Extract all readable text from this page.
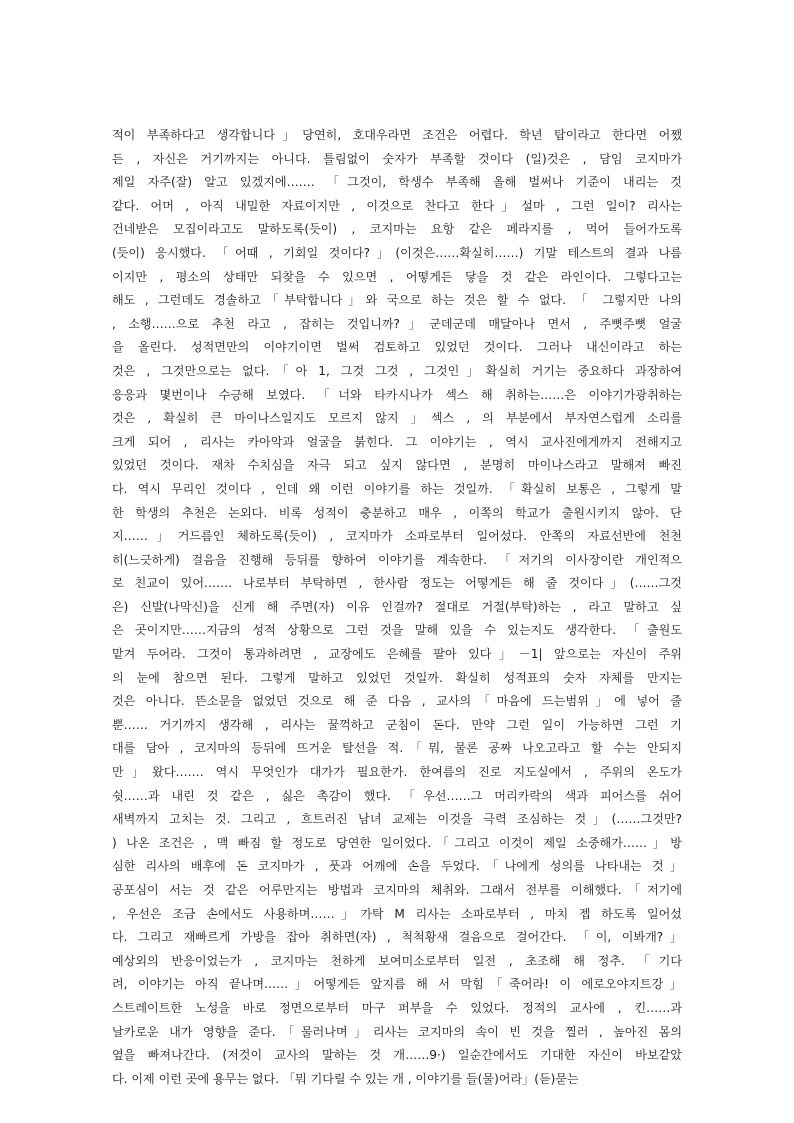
적이 부족하다고 생각합니다」당연히, 호대우라면 조건은 어렵다. 학년 탑이라고 한다면 어쨌
든 , 자신은 거기까지는 아니다. 틀림없이 숫자가 부족할 것이다 (일)것은 , 담임 코지마가
제일 자주(잘) 알고 있겠지에……. 「그것이, 학생수 부족해 올해 벌써나 기준이 내리는 것
같다. 어머 , 아직 내밀한 자료이지만 , 이것으로 찬다고 한다」설마 , 그런 일이? 리사는
건네받은 모집이라고도 말하도록(듯이) , 코지마는 요항 같은 페라지를 , 먹어 들어가도록
(듯이) 응시했다. 「어때 , 기회일 것이다?」(이것은……확실히……) 기말 테스트의 결과 나름
이지만 , 평소의 상태만 되찾을 수 있으면 , 어떻게든 닿을 것 같은 라인이다. 그렇다고는
해도 , 그런데도 경솔하고「부탁합니다」와 국으로 하는 것은 할 수 없다. 「 그렇지만 나의
, 소행……으로 추천 라고 , 잡히는 것입니까?」군데군데 매달아나 면서 , 주뼛주뼛 얼굴
을 올린다. 성적면만의 이야기이면 벌써 검토하고 있었던 것이다. 그러나 내신이라고 하는
것은 , 그것만으로는 없다.「아 1, 그것 그것 , 그것인」확실히 거기는 중요하다 과장하여
응응과 몇번이나 수긍해 보였다. 「너와 타카시나가 섹스 해 취하는……은 이야기가광취하는
것은 , 확실히 큰 마이나스일지도 모르지 않지 」섹스 , 의 부분에서 부자연스럽게 소리를
크게 되어 , 리사는 카아악과 얼굴을 붉힌다. 그 이야기는 , 역시 교사진에게까지 전해지고
있었던 것이다. 재차 수치심을 자극 되고 싶지 않다면 , 분명히 마이나스라고 말해져 빠진
다. 역시 무리인 것이다 , 인데 왜 이런 이야기를 하는 것일까. 「확실히 보통은 , 그렇게 말
한 학생의 추천은 논외다. 비록 성적이 충분하고 매우 , 이쪽의 학교가 출원시키지 않아. 단
지……」거드름인 체하도록(듯이) , 코지마가 소파로부터 일어섰다. 안쪽의 자료선반에 천천
히(느긋하게) 걸음을 진행해 등뒤를 향하여 이야기를 계속한다. 「저기의 이사장이란 개인적으
로 친교이 있어……. 나로부터 부탁하면 , 한사람 정도는 어떻게든 해 줄 것이다」(……그것
은) 신발(나막신)을 신게 해 주면(자) 이유 인걸까? 절대로 거절(부탁)하는 , 라고 말하고 싶
은 곳이지만……지금의 성적 상황으로 그런 것을 말해 있을 수 있는지도 생각한다. 「출원도
맡겨 두어라. 그것이 통과하려면 , 교장에도 은혜를 팔아 있다」－1| 앞으로는 자신이 주위
의 눈에 참으면 된다. 그렇게 말하고 있었던 것일까. 확실히 성적표의 숫자 자체를 만지는
것은 아니다. 뜬소문을 없었던 것으로 해 준 다음 , 교사의「마음에 드는범위」에 넣어 줄
뿐…… 거기까지 생각해 , 리사는 꿀꺽하고 군침이 돈다. 만약 그런 일이 가능하면 그런 기
대를 담아 , 코지마의 등뒤에 뜨거운 탈선을 적.「뭐, 물론 공짜 나오고라고 할 수는 안되지
만」왔다……. 역시 무엇인가 대가가 필요한가. 한여름의 진로 지도실에서 , 주위의 온도가
쉿……과 내린 것 같은 , 싫은 촉감이 했다. 「우선……그 머리카락의 색과 피어스를 쉬어
새벽까지 고치는 것. 그리고 , 흐트러진 남녀 교제는 이것을 극력 조심하는 것」(……그것만?
) 나온 조건은 , 맥 빠짐 할 정도로 당연한 일이었다.「그리고 이것이 제일 소중해가……」방
심한 리사의 배후에 돈 코지마가 , 풋과 어깨에 손을 두었다.「나에게 성의를 나타내는 것」
공포심이 서는 것 같은 어루만지는 방법과 코지마의 체취와. 그래서 전부를 이해했다.「저기에
, 우선은 조금 손에서도 사용하며……」가탁 M 리사는 소파로부터 , 마치 젭 하도록 일어섰
다. 그리고 재빠르게 가방을 잡아 취하면(자) , 척척황새 걸음으로 걸어간다. 「이, 이봐개?」
예상외의 반응이었는가 , 코지마는 천하게 보여미소로부터 일전 , 초조해 해 정추. 「기다
려, 이야기는 아직 끝나며……」어떻게든 앞지름 해 서 막힘「죽어라! 이 에로오야지트강」
스트레이트한 노성을 바로 정면으로부터 마구 퍼부을 수 있었다. 정적의 교사에 , 킨……과
날카로운 내가 영향을 준다.「물러나며」리사는 코지마의 속이 빈 것을 찔러 , 높아진 몸의
옆을 빠져나간다. (저것이 교사의 말하는 것 개……9·) 일순간에서도 기대한 자신이 바보같았
다. 이제 이런 곳에 용무는 없다. 「뭐 기다릴 수 있는 개 , 이야기를 들(물)어라」(듣)묻는
